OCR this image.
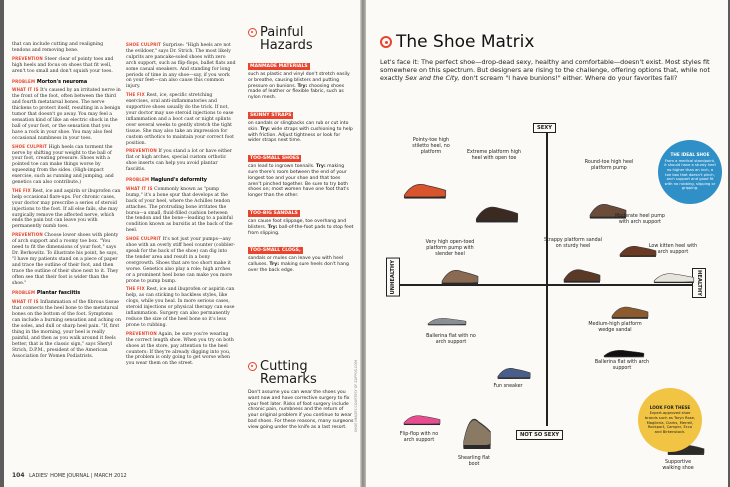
that can include cutting and realigning tendons and removing bone.

PREVENTION Steer clear of pointy toes and high heels and focus on shoes that fit well, aren't too small and don't squish your toes.

PROBLEM Morton's neuroma

WHAT IT IS It's caused by an irritated nerve in the front of the foot, often between the third and fourth metatarsal bones. The nerve thickens to protect itself, resulting in a benign tumor that doesn't go away. You may feel a sensation kind of like an electric shock in the ball of your foot, or the sensation that you have a rock in your shoe. You may also feel occasional numbness in your toes.

SHOE CULPRIT High heels can torment the nerve by shifting your weight to the ball of your foot, creating pressure. Shoes with a pointed toe can make things worse by squeezing from the sides. (High-impact exercise, such as running and jumping, and genetics can also contribute.)

THE FIX Rest, ice and aspirin or ibuprofen can help occasional flare-ups. For chronic cases, your doctor may prescribe a series of steroid injections to the foot. If all else fails, she may surgically remove the affected nerve, which ends the pain but can leave you with permanently numb toes.

PREVENTION Choose lower shoes with plenty of arch support and a roomy toe box. "You need to fit the dimensions of your foot," says Dr. Berkowitz. To illustrate his point, he says, "I have my patients stand on a piece of paper and trace the outline of their foot, and then trace the outline of their shoe next to it. They often see that their foot is wider than the shoe."

PROBLEM Plantar fasciitis

WHAT IT IS Inflammation of the fibrous tissue that connects the heel bone to the metatarsal bones on the bottom of the foot. Symptoms can include a burning sensation and aching on the soles, and dull or sharp heel pain. "If, first thing in the morning, your heel is really painful, and then as you walk around it feels better, that is the classic sign," says Sheryl Strich, D.P.M., president of the American Association for Women Podiatrists.

SHOE CULPRIT Surprise: "High heels are not the evildoer," says Dr. Strich. The most likely culprits are pancake-soled shoes with zero arch support, such as flip-flops, ballet flats and some casual sneakers. And standing for long periods of time in any shoe—say, if you work on your feet—can also cause this common injury.

THE FIX Rest, ice, specific stretching exercises, oral anti-inflammatories and supportive shoes usually do the trick. If not, your doctor may use steroid injections to ease inflammation and a boot cast or night splints over several weeks to gently stretch the tight tissue. She may also take an impression for custom orthotics to maintain your correct foot position.

PREVENTION If you stand a lot or have either flat or high arches, special custom orthotic shoe inserts can help you avoid plantar fasciitis.

PROBLEM Haglund's deformity

WHAT IT IS Commonly known as "pump bump," it's a bone spur that develops at the back of your heel, where the Achilles tendon attaches. The protruding bone irritates the bursa—a small, fluid-filled cushion between the tendon and the bone—leading to a painful condition known as bursitis at the back of the heel.

SHOE CULPRIT It's not just your pumps—any shoe with an overly stiff heel counter (cobbler-speak for the back of the shoe) can dig into the tender area and result in a bony overgrowth. Shoes that are too short make it worse. Genetics also play a role; high arches or a prominent heel bone can make you more prone to pump bump.

THE FIX Rest, ice and ibuprofen or aspirin can help, as can sticking to backless styles, like clogs, while you heal. In more serious cases, steroid injections or physical therapy can ease inflammation. Surgery can also permanently reduce the size of the heel bone so it's less prone to rubbing.

PREVENTION Again, be sure you're wearing the correct length shoe. When you try on both shoes at the store, pay attention to the heel counters: If they're already digging into you, the problem is only going to get worse when you wear them on the street.

Painful Hazards
MANMADE MATERIALS
such as plastic and vinyl don't stretch easily or breathe, causing blisters and putting pressure on bunions. Try: choosing shoes made of leather or flexible fabric, such as nylon mesh.
SKINNY STRAPS
on sandals or slingbacks can rub or cut into skin. Try: wide straps with cushioning to help with friction. Adjust tightness or look for wider straps next time.
TOO-SMALL SHOES
can lead to ingrown toenails. Try: making sure there's room between the end of your longest toe and your shoe and that toes aren't pinched together. Be sure to try both shoes on; most women have one foot that's longer than the other.
TOO-BIG SANDALS
can cause foot slippage, toe overhang and blisters. Try: ball-of-the-foot pads to stop feet from slipping.
TOO-SMALL CLOGS,
sandals or mules can leave you with heel calluses. Try: making sure heels don't hang over the back edge.
Cutting Remarks
Don't assume you can wear the shoes you want now and have corrective surgery to fix your feet later. Risks of foot surgery include chronic pain, numbness and the return of your original problem if you continue to wear bad shoes. For these reasons, many surgeons view going under the knife as a last resort.	SHOE IMAGES COURTESY OF ZAPPOS.COM
104 LADIES' HOME JOURNAL | MARCH 2012
The Shoe Matrix
Let's face it: The perfect shoe—drop-dead sexy, healthy and comfortable—doesn't exist. Most styles fit somewhere on this spectrum. But designers are rising to the challenge, offering options that, while not exactly Sex and the City, don't scream "I have bunions!" either. Where do your favorites fall?
SEXY
NOT SO SEXY
UNHEALTHY	HEALTHY
Pointy-toe high stiletto heel, no platform	Extreme platform high heel with open toe
Round-toe high heel platform pump
Moderate heel pump with arch support
Low kitten heel with arch support
Very high open-toed platform pump with slender heel
Strappy platform sandal on sturdy heel
Medium-high platform wedge sandal
Ballerina flat with no arch support
Fun sneaker
Ballerina flat with arch support
Flip-flop with no arch support
Shearling flat boot	Supportive walking shoe
THE IDEAL SHOE
From a medical standpoint, it should have a sturdy heel no higher than an inch, a toe box that doesn't pinch, arch support and good fit with no rubbing, slipping or gripping.
LOOK FOR THESE
Expert-approved shoe brands such as Taryn Rose, Maglieria, Clarks, Merrell, Rockport, Camper, Ecco and Birkenstock.
